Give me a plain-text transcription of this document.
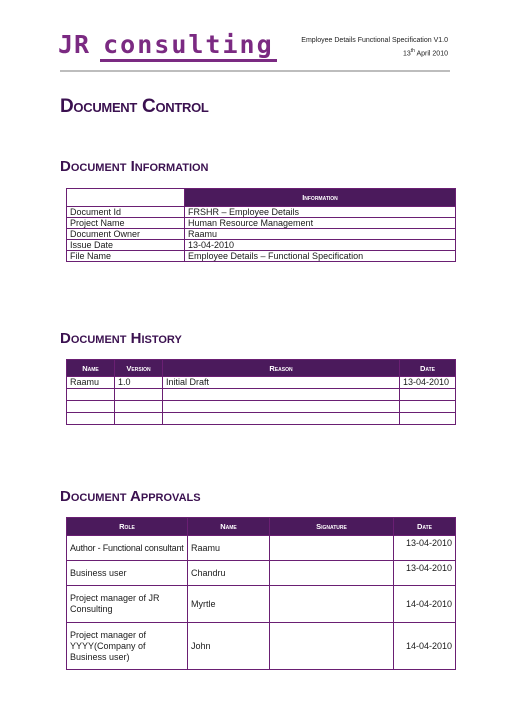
JR consulting	Employee Details Functional Specification V1.0
13th April 2010
Document Control
Document Information
	Information
Document Id	FRSHR – Employee Details
Project Name	Human Resource Management
Document Owner	Raamu
Issue Date	13-04-2010
File Name	Employee Details – Functional Specification
Document History
Name	Version	Reason	Date
Raamu	1.0	Initial Draft	13-04-2010

Document Approvals
Role	Name	Signature	Date
Author - Functional consultant	Raamu		13-04-2010
Business user	Chandru		13-04-2010
Project manager of JR Consulting	Myrtle		14-04-2010
Project manager of YYYY(Company of Business user)	John		14-04-2010
